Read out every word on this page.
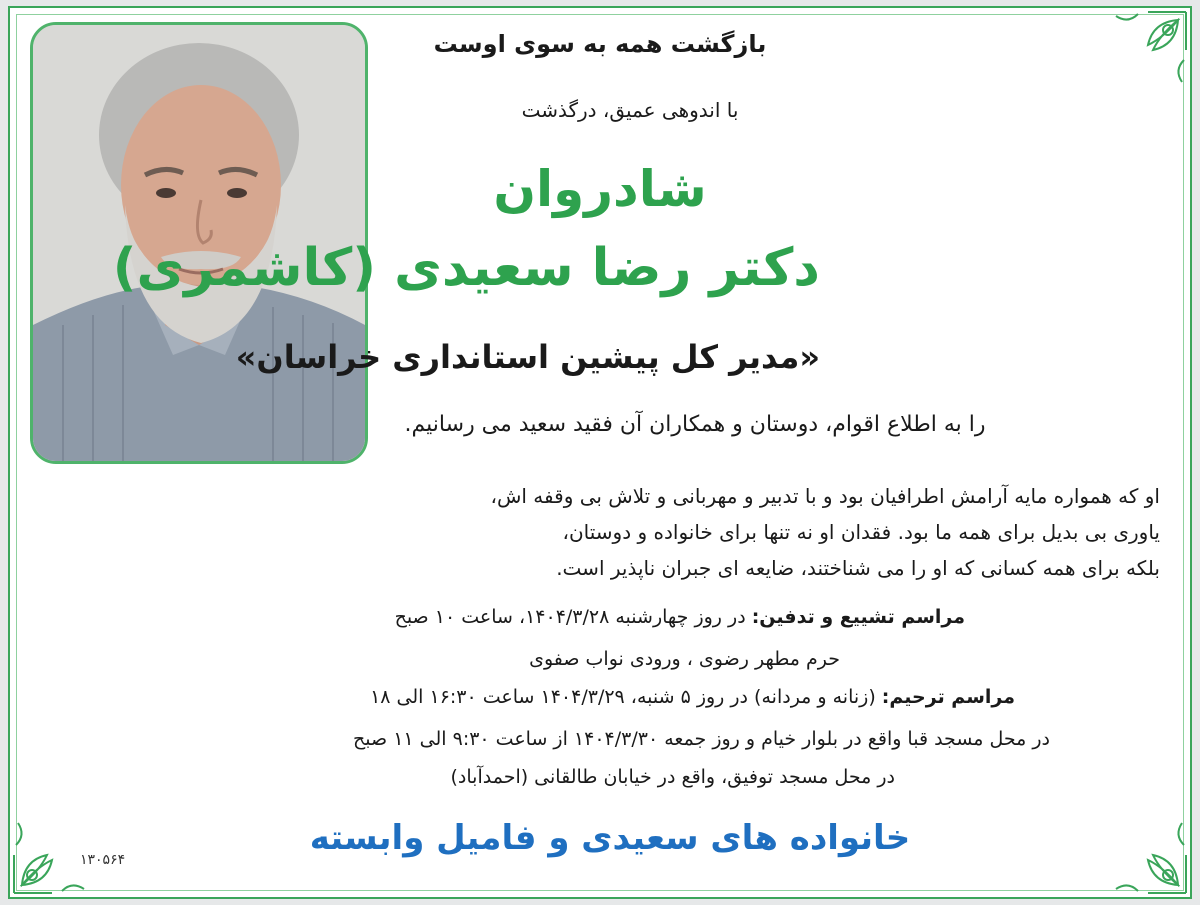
بازگشت همه به سوی اوست
با اندوهی عمیق، درگذشت
شادروان
دکتر رضا سعیدی (کاشمری)
«مدیر کل پیشین استانداری خراسان»
را به اطلاع اقوام، دوستان و همکاران آن فقید سعید می رسانیم.
او که همواره مایه آرامش اطرافیان بود و با تدبیر و مهربانی و تلاش بی وقفه اش،
یاوری بی بدیل برای همه ما بود. فقدان او نه تنها برای خانواده و دوستان،
بلکه برای همه کسانی که او را می شناختند، ضایعه ای جبران ناپذیر است.
مراسم تشییع و تدفین: در روز چهارشنبه ۱۴۰۴/۳/۲۸، ساعت ۱۰ صبح
حرم مطهر رضوی ، ورودی نواب صفوی
مراسم ترحیم: (زنانه و مردانه) در روز ۵ شنبه، ۱۴۰۴/۳/۲۹ ساعت ۱۶:۳۰ الی ۱۸
در محل مسجد قبا واقع در بلوار خیام و روز جمعه ۱۴۰۴/۳/۳۰ از ساعت ۹:۳۰ الی ۱۱ صبح
در محل مسجد توفیق، واقع در خیابان طالقانی (احمدآباد)
خانواده های سعیدی و فامیل وابسته
۱۳۰۵۶۴
